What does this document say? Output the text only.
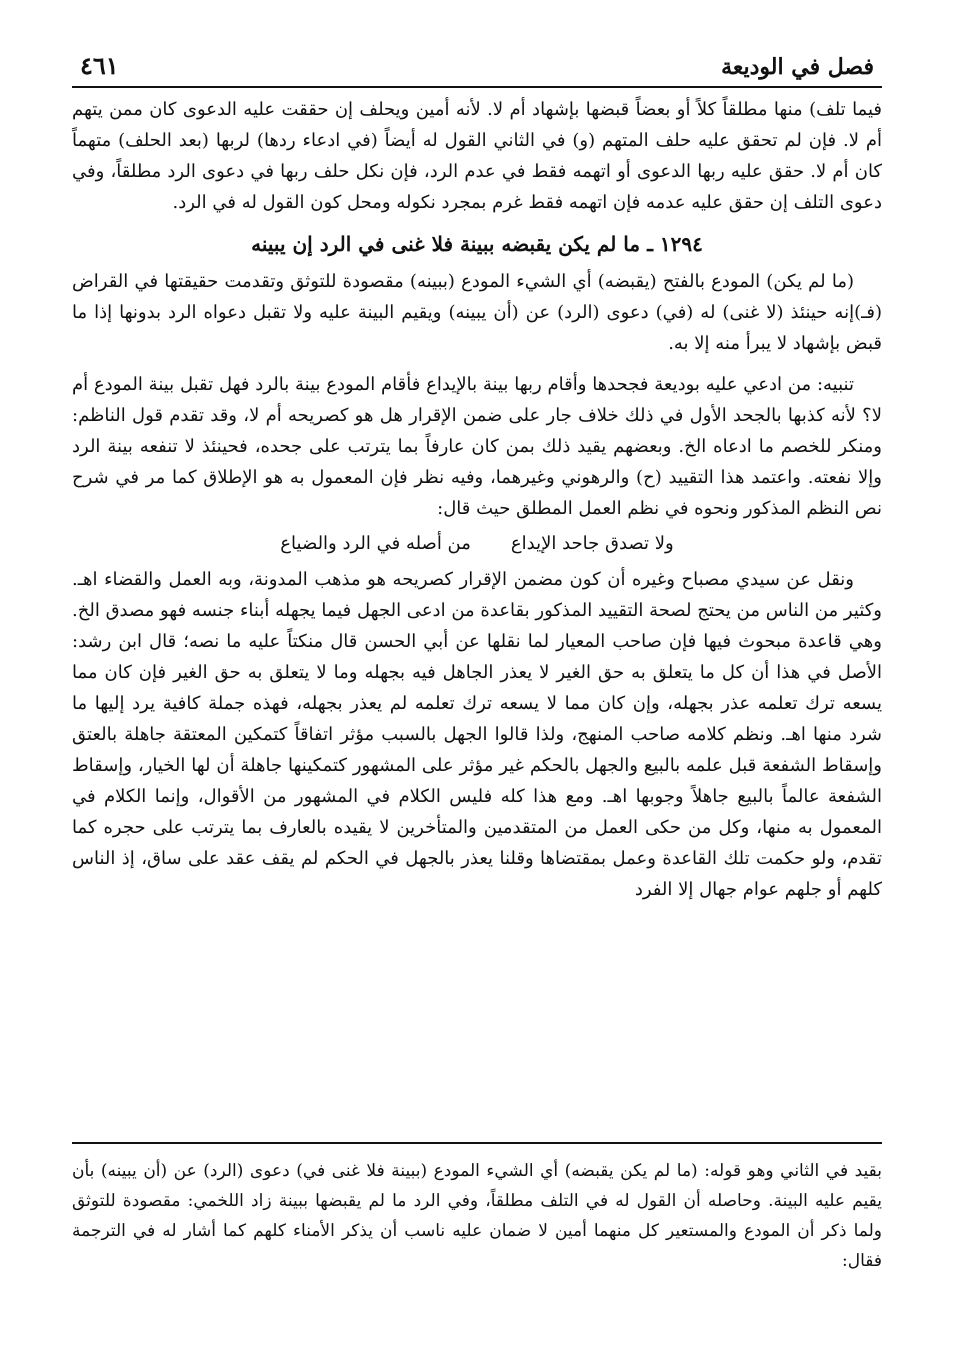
فصل في الوديعة
٤٦١

فيما تلف) منها مطلقاً كلاً أو بعضاً قبضها بإشهاد أم لا. لأنه أمين ويحلف إن حققت عليه الدعوى كان ممن يتهم أم لا. فإن لم تحقق عليه حلف المتهم (و) في الثاني القول له أيضاً (في ادعاء ردها) لربها (بعد الحلف) متهماً كان أم لا. حقق عليه ربها الدعوى أو اتهمه فقط في عدم الرد، فإن نكل حلف ربها في دعوى الرد مطلقاً، وفي دعوى التلف إن حقق عليه عدمه فإن اتهمه فقط غرم بمجرد نكوله ومحل كون القول له في الرد.

١٢٩٤ ـ ما لم يكن يقبضه ببينة فلا غنى في الرد إن يبينه

(ما لم يكن) المودع بالفتح (يقبضه) أي الشيء المودع (ببينه) مقصودة للتوثق وتقدمت حقيقتها في القراض (فـ)إنه حينئذ (لا غنى) له (في) دعوى (الرد) عن (أن يبينه) ويقيم البينة عليه ولا تقبل دعواه الرد بدونها إذا ما قبض بإشهاد لا يبرأ منه إلا به.

تنبيه: من ادعي عليه بوديعة فجحدها وأقام ربها بينة بالإيداع فأقام المودع بينة بالرد فهل تقبل بينة المودع أم لا؟ لأنه كذبها بالجحد الأول في ذلك خلاف جار على ضمن الإقرار هل هو كصريحه أم لا، وقد تقدم قول الناظم: ومنكر للخصم ما ادعاه الخ. وبعضهم يقيد ذلك بمن كان عارفاً بما يترتب على جحده، فحينئذ لا تنفعه بينة الرد وإلا نفعته. واعتمد هذا التقييد (ح) والرهوني وغيرهما، وفيه نظر فإن المعمول به هو الإطلاق كما مر في شرح نص النظم المذكور ونحوه في نظم العمل المطلق حيث قال:

ولا تصدق جاحد الإيداع
من أصله في الرد والضياع

ونقل عن سيدي مصباح وغيره أن كون مضمن الإقرار كصريحه هو مذهب المدونة، وبه العمل والقضاء اهـ. وكثير من الناس من يحتج لصحة التقييد المذكور بقاعدة من ادعى الجهل فيما يجهله أبناء جنسه فهو مصدق الخ. وهي قاعدة مبحوث فيها فإن صاحب المعيار لما نقلها عن أبي الحسن قال منكتاً عليه ما نصه؛ قال ابن رشد: الأصل في هذا أن كل ما يتعلق به حق الغير لا يعذر الجاهل فيه بجهله وما لا يتعلق به حق الغير فإن كان مما يسعه ترك تعلمه عذر بجهله، وإن كان مما لا يسعه ترك تعلمه لم يعذر بجهله، فهذه جملة كافية يرد إليها ما شرد منها اهـ. ونظم كلامه صاحب المنهج، ولذا قالوا الجهل بالسبب مؤثر اتفاقاً كتمكين المعتقة جاهلة بالعتق وإسقاط الشفعة قبل علمه بالبيع والجهل بالحكم غير مؤثر على المشهور كتمكينها جاهلة أن لها الخيار، وإسقاط الشفعة عالماً بالبيع جاهلاً وجوبها اهـ. ومع هذا كله فليس الكلام في المشهور من الأقوال، وإنما الكلام في المعمول به منها، وكل من حكى العمل من المتقدمين والمتأخرين لا يقيده بالعارف بما يترتب على حجره كما تقدم، ولو حكمت تلك القاعدة وعمل بمقتضاها وقلنا يعذر بالجهل في الحكم لم يقف عقد على ساق، إذ الناس كلهم أو جلهم عوام جهال إلا الفرد

بقيد في الثاني وهو قوله: (ما لم يكن يقبضه) أي الشيء المودع (ببينة فلا غنى في) دعوى (الرد) عن (أن يبينه) بأن يقيم عليه البينة. وحاصله أن القول له في التلف مطلقاً، وفي الرد ما لم يقبضها ببينة زاد اللخمي: مقصودة للتوثق ولما ذكر أن المودع والمستعير كل منهما أمين لا ضمان عليه ناسب أن يذكر الأمناء كلهم كما أشار له في الترجمة فقال:
